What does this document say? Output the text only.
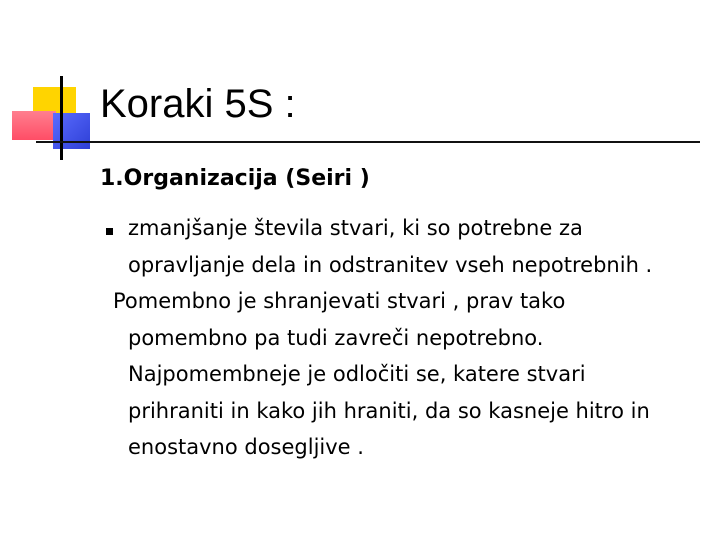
Koraki 5S :
1.Organizacija (Seiri )

zmanjšanje števila stvari, ki so potrebne za opravljanje dela in odstranitev vseh nepotrebnih .
Pomembno je shranjevati stvari , prav tako pomembno pa tudi zavreči nepotrebno. Najpomembneje je odločiti se, katere stvari prihraniti in kako jih hraniti, da so kasneje hitro in enostavno dosegljive .
